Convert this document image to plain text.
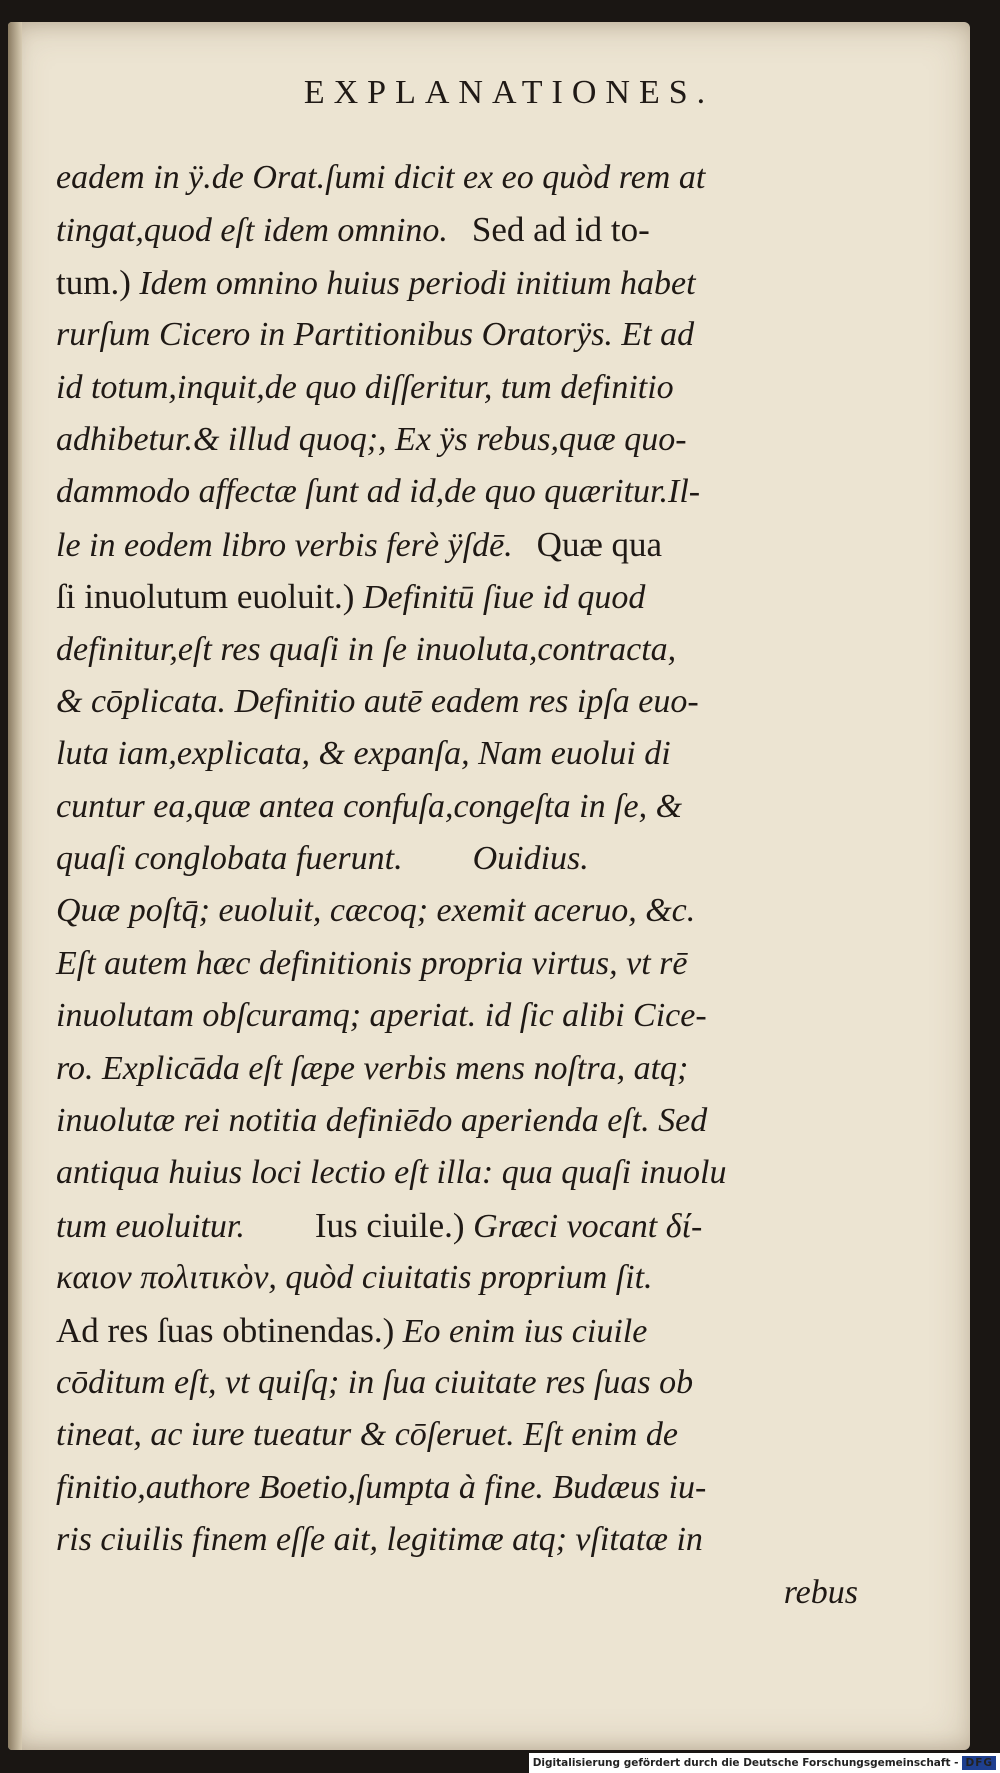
EXPLANATIONES.
eadem in ÿ.de Orat.ſumi dicit ex eo quòd rem at
tingat,quod eſt idem omnino. Sed ad id to-
tum.) Idem omnino huius periodi initium habet
rurſum Cicero in Partitionibus Oratorÿs. Et ad
id totum,inquit,de quo diſſeritur, tum definitio
adhibetur.& illud quoq;, Ex ÿs rebus,quæ quo-
dammodo affectæ ſunt ad id,de quo quæritur.Il-
le in eodem libro verbis ferè ÿſdē. Quæ qua
ſi inuolutum euoluit.) Definitū ſiue id quod
definitur,eſt res quaſi in ſe inuoluta,contracta,
& cōplicata. Definitio autē eadem res ipſa euo-
luta iam,explicata, & expanſa, Nam euolui di
cuntur ea,quæ antea confuſa,congeſta in ſe, &
quaſi conglobata fuerunt. Ouidius.
Quæ poſtq̄; euoluit, cæcoq; exemit aceruo, &c.
Eſt autem hæc definitionis propria virtus, vt rē
inuolutam obſcuramq; aperiat. id ſic alibi Cice-
ro. Explicāda eſt ſæpe verbis mens noſtra, atq;
inuolutæ rei notitia definiēdo aperienda eſt. Sed
antiqua huius loci lectio eſt illa: qua quaſi inuolu
tum euoluitur. Ius ciuile.) Græci vocant δί-
καιον πολιτικὸν, quòd ciuitatis proprium ſit.
Ad res ſuas obtinendas.) Eo enim ius ciuile
cōditum eſt, vt quiſq; in ſua ciuitate res ſuas ob
tineat, ac iure tueatur & cōſeruet. Eſt enim de
finitio,authore Boetio,ſumpta à fine. Budæus iu-
ris ciuilis finem eſſe ait, legitimæ atq; vſitatæ in
rebus
Digitalisierung gefördert durch die Deutsche Forschungsgemeinschaft - DFG
